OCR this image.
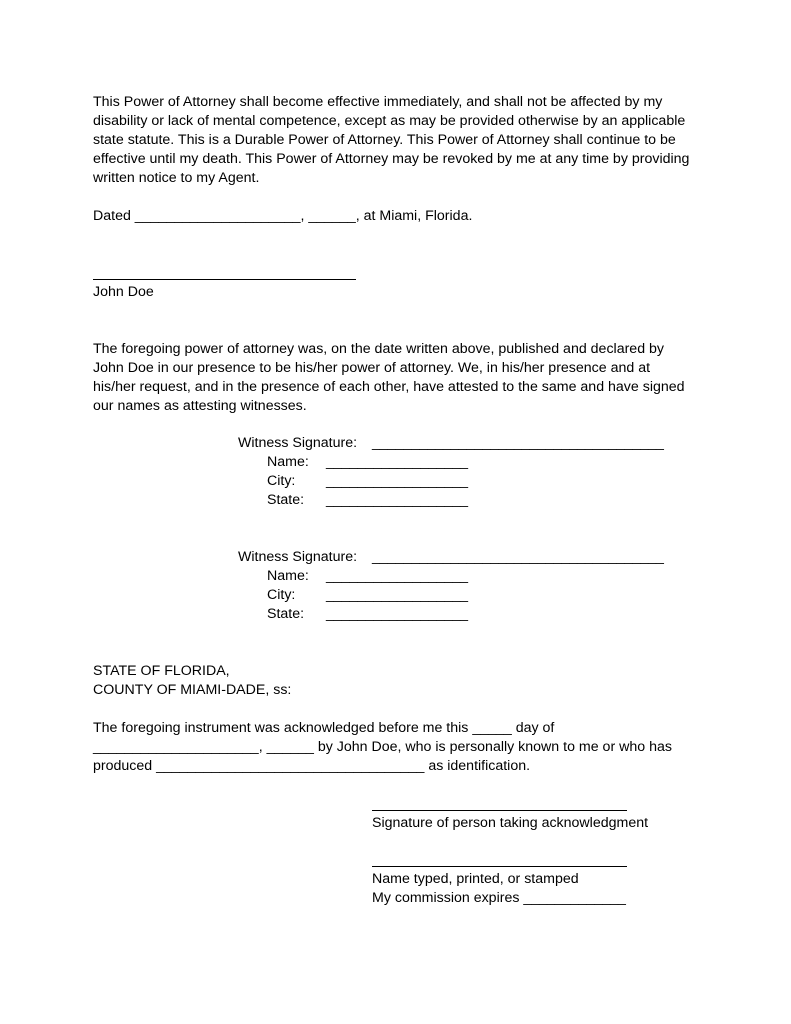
This Power of Attorney shall become effective immediately, and shall not be affected by my
disability or lack of mental competence, except as may be provided otherwise by an applicable
state statute. This is a Durable Power of Attorney. This Power of Attorney shall continue to be
effective until my death. This Power of Attorney may be revoked by me at any time by providing
written notice to my Agent.
Dated _____________________, ______, at Miami, Florida.
John Doe
The foregoing power of attorney was, on the date written above, published and declared by
John Doe in our presence to be his/her power of attorney. We, in his/her presence and at
his/her request, and in the presence of each other, have attested to the same and have signed
our names as attesting witnesses.
Witness Signature: _____________________________________
Name: __________________
City: __________________
State: __________________
Witness Signature: _____________________________________
Name: __________________
City: __________________
State: __________________
STATE OF FLORIDA,
COUNTY OF MIAMI-DADE, ss:
The foregoing instrument was acknowledged before me this _____ day of
_____________________, ______ by John Doe, who is personally known to me or who has
produced __________________________________ as identification.
Signature of person taking acknowledgment
Name typed, printed, or stamped
My commission expires _____________
